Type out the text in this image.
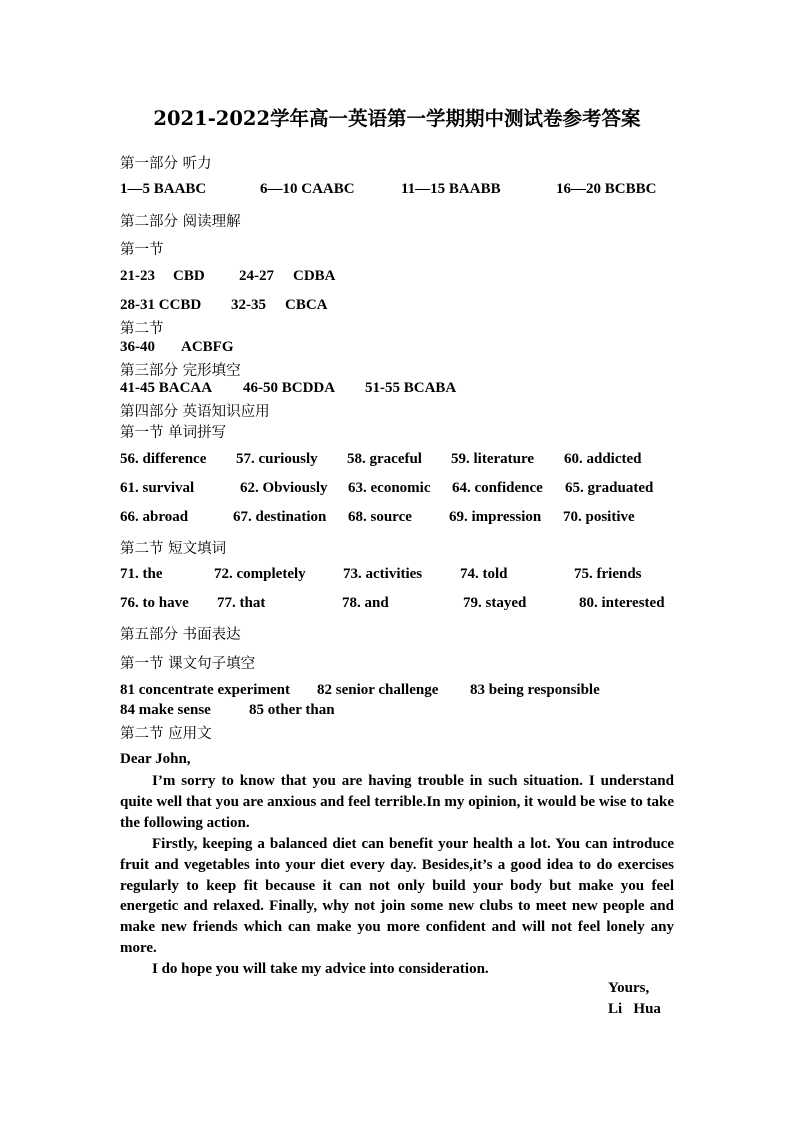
2021-2022学年高一英语第一学期期中测试卷参考答案
第一部分 听力
1—5 BAABC	6—10 CAABC	11—15 BAABB	16—20 BCBBC
第二部分 阅读理解
第一节
21-23 CBD 24-27 CDBA
28-31 CCBD 32-35 CBCA
第二节
36-40 ACBFG
第三部分 完形填空
41-45 BACAA 46-50 BCDDA 51-55 BCABA
第四部分 英语知识应用
第一节 单词拼写
56. difference 57. curiously 58. graceful 59. literature 60. addicted
61. survival	62. Obviously 63. economic 64. confidence 65. graduated
66. abroad	67. destination 68. source 69. impression 70. positive
第二节 短文填词
71. the	72. completely 73. activities	74. told	75. friends
76. to have 77. that	78. and	79. stayed	80. interested
第五部分 书面表达
第一节 课文句子填空
81 concentrate experiment 82 senior challenge 83 being responsible
84 make sense	85 other than
第二节 应用文
Dear John,
I’m sorry to know that you are having trouble in such situation. I understand quite well that you are anxious and feel terrible.In my opinion, it would be wise to take the following action.
Firstly, keeping a balanced diet can benefit your health a lot. You can introduce fruit and vegetables into your diet every day. Besides,it’s a good idea to do exercises regularly to keep fit because it can not only build your body but make you feel energetic and relaxed. Finally, why not join some new clubs to meet new people and make new friends which can make you more confident and will not feel lonely any more.
I do hope you will take my advice into consideration.
Yours,
Li   Hua
